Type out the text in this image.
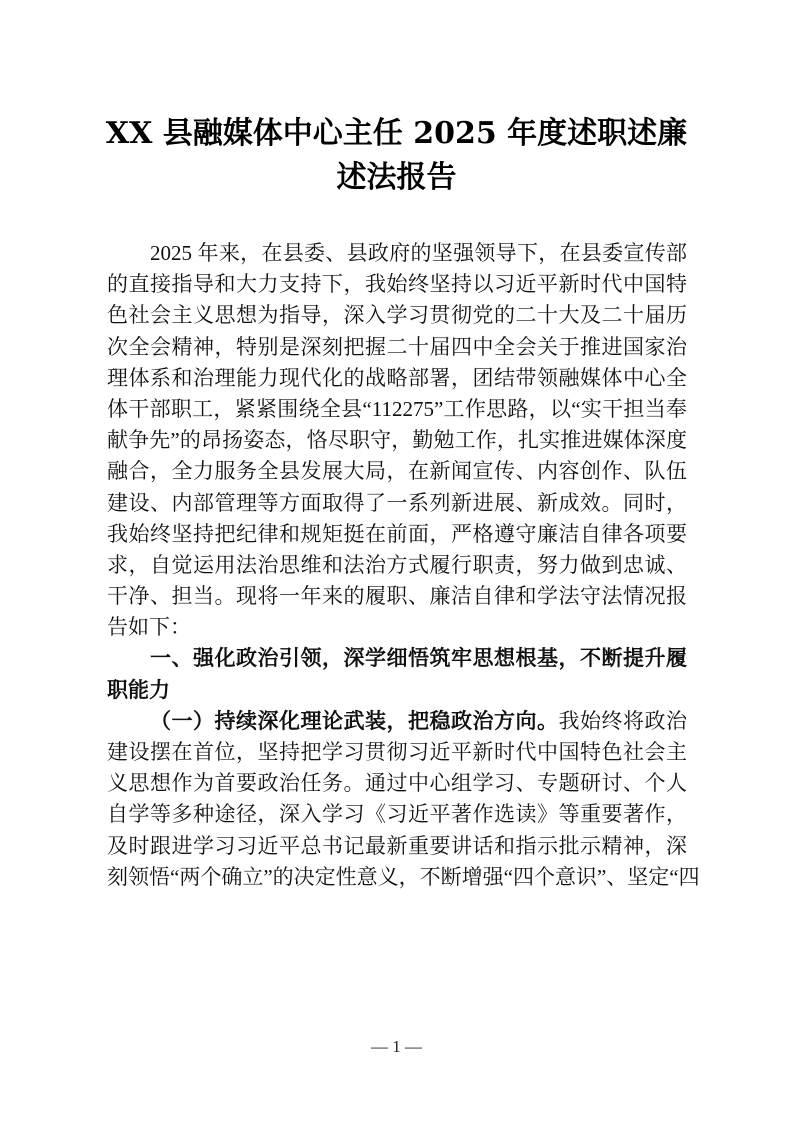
XX 县融媒体中心主任 2025 年度述职述廉
述法报告
2025 年来，在县委、县政府的坚强领导下，在县委宣传部
的直接指导和大力支持下，我始终坚持以习近平新时代中国特
色社会主义思想为指导，深入学习贯彻党的二十大及二十届历
次全会精神，特别是深刻把握二十届四中全会关于推进国家治
理体系和治理能力现代化的战略部署，团结带领融媒体中心全
体干部职工，紧紧围绕全县“112275”工作思路，以“实干担当奉
献争先”的昂扬姿态，恪尽职守，勤勉工作，扎实推进媒体深度
融合，全力服务全县发展大局，在新闻宣传、内容创作、队伍
建设、内部管理等方面取得了一系列新进展、新成效。同时，
我始终坚持把纪律和规矩挺在前面，严格遵守廉洁自律各项要
求，自觉运用法治思维和法治方式履行职责，努力做到忠诚、
干净、担当。现将一年来的履职、廉洁自律和学法守法情况报
告如下：
一、强化政治引领，深学细悟筑牢思想根基，不断提升履
职能力
（一）持续深化理论武装，把稳政治方向。我始终将政治
建设摆在首位，坚持把学习贯彻习近平新时代中国特色社会主
义思想作为首要政治任务。通过中心组学习、专题研讨、个人
自学等多种途径，深入学习《习近平著作选读》等重要著作，
及时跟进学习习近平总书记最新重要讲话和指示批示精神，深
刻领悟“两个确立”的决定性意义，不断增强“四个意识”、坚定“四
— 1 —
